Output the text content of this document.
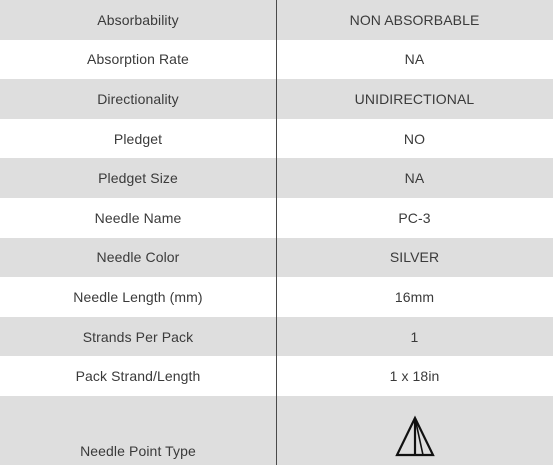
Absorbability	NON ABSORBABLE
Absorption Rate	NA
Directionality	UNIDIRECTIONAL
Pledget	NO
Pledget Size	NA
Needle Name	PC-3
Needle Color	SILVER
Needle Length (mm)	16mm
Strands Per Pack	1
Pack Strand/Length	1 x 18in
Needle Point Type
